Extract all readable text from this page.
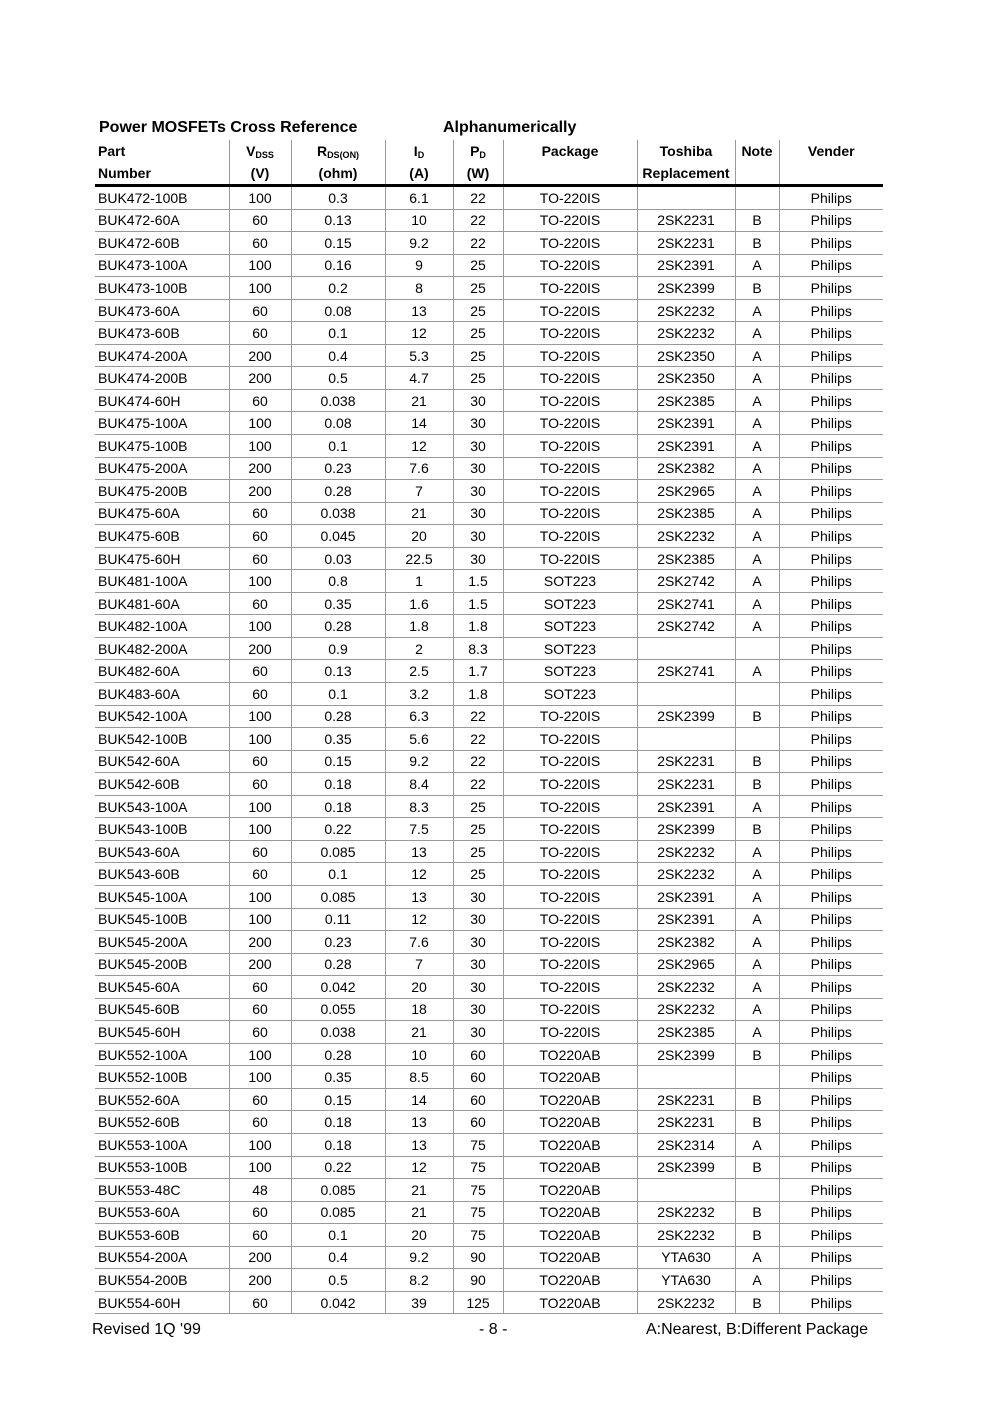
Power MOSFETs Cross Reference	Alphanumerically
Part	$V_{DSS}$	$R_{DS(ON)}$	$I_D$	$P_D$	Package	Toshiba	Note	Vender
Number	(V)	(ohm)	(A)	(W)		Replacement		
BUK472-100B	100	0.3	6.1	22	TO-220IS			Philips
BUK472-60A	60	0.13	10	22	TO-220IS	2SK2231	B	Philips
BUK472-60B	60	0.15	9.2	22	TO-220IS	2SK2231	B	Philips
BUK473-100A	100	0.16	9	25	TO-220IS	2SK2391	A	Philips
BUK473-100B	100	0.2	8	25	TO-220IS	2SK2399	B	Philips
BUK473-60A	60	0.08	13	25	TO-220IS	2SK2232	A	Philips
BUK473-60B	60	0.1	12	25	TO-220IS	2SK2232	A	Philips
BUK474-200A	200	0.4	5.3	25	TO-220IS	2SK2350	A	Philips
BUK474-200B	200	0.5	4.7	25	TO-220IS	2SK2350	A	Philips
BUK474-60H	60	0.038	21	30	TO-220IS	2SK2385	A	Philips
BUK475-100A	100	0.08	14	30	TO-220IS	2SK2391	A	Philips
BUK475-100B	100	0.1	12	30	TO-220IS	2SK2391	A	Philips
BUK475-200A	200	0.23	7.6	30	TO-220IS	2SK2382	A	Philips
BUK475-200B	200	0.28	7	30	TO-220IS	2SK2965	A	Philips
BUK475-60A	60	0.038	21	30	TO-220IS	2SK2385	A	Philips
BUK475-60B	60	0.045	20	30	TO-220IS	2SK2232	A	Philips
BUK475-60H	60	0.03	22.5	30	TO-220IS	2SK2385	A	Philips
BUK481-100A	100	0.8	1	1.5	SOT223	2SK2742	A	Philips
BUK481-60A	60	0.35	1.6	1.5	SOT223	2SK2741	A	Philips
BUK482-100A	100	0.28	1.8	1.8	SOT223	2SK2742	A	Philips
BUK482-200A	200	0.9	2	8.3	SOT223			Philips
BUK482-60A	60	0.13	2.5	1.7	SOT223	2SK2741	A	Philips
BUK483-60A	60	0.1	3.2	1.8	SOT223			Philips
BUK542-100A	100	0.28	6.3	22	TO-220IS	2SK2399	B	Philips
BUK542-100B	100	0.35	5.6	22	TO-220IS			Philips
BUK542-60A	60	0.15	9.2	22	TO-220IS	2SK2231	B	Philips
BUK542-60B	60	0.18	8.4	22	TO-220IS	2SK2231	B	Philips
BUK543-100A	100	0.18	8.3	25	TO-220IS	2SK2391	A	Philips
BUK543-100B	100	0.22	7.5	25	TO-220IS	2SK2399	B	Philips
BUK543-60A	60	0.085	13	25	TO-220IS	2SK2232	A	Philips
BUK543-60B	60	0.1	12	25	TO-220IS	2SK2232	A	Philips
BUK545-100A	100	0.085	13	30	TO-220IS	2SK2391	A	Philips
BUK545-100B	100	0.11	12	30	TO-220IS	2SK2391	A	Philips
BUK545-200A	200	0.23	7.6	30	TO-220IS	2SK2382	A	Philips
BUK545-200B	200	0.28	7	30	TO-220IS	2SK2965	A	Philips
BUK545-60A	60	0.042	20	30	TO-220IS	2SK2232	A	Philips
BUK545-60B	60	0.055	18	30	TO-220IS	2SK2232	A	Philips
BUK545-60H	60	0.038	21	30	TO-220IS	2SK2385	A	Philips
BUK552-100A	100	0.28	10	60	TO220AB	2SK2399	B	Philips
BUK552-100B	100	0.35	8.5	60	TO220AB			Philips
BUK552-60A	60	0.15	14	60	TO220AB	2SK2231	B	Philips
BUK552-60B	60	0.18	13	60	TO220AB	2SK2231	B	Philips
BUK553-100A	100	0.18	13	75	TO220AB	2SK2314	A	Philips
BUK553-100B	100	0.22	12	75	TO220AB	2SK2399	B	Philips
BUK553-48C	48	0.085	21	75	TO220AB			Philips
BUK553-60A	60	0.085	21	75	TO220AB	2SK2232	B	Philips
BUK553-60B	60	0.1	20	75	TO220AB	2SK2232	B	Philips
BUK554-200A	200	0.4	9.2	90	TO220AB	YTA630	A	Philips
BUK554-200B	200	0.5	8.2	90	TO220AB	YTA630	A	Philips
BUK554-60H	60	0.042	39	125	TO220AB	2SK2232	B	Philips
Revised 1Q '99	- 8 -	A:Nearest, B:Different Package
